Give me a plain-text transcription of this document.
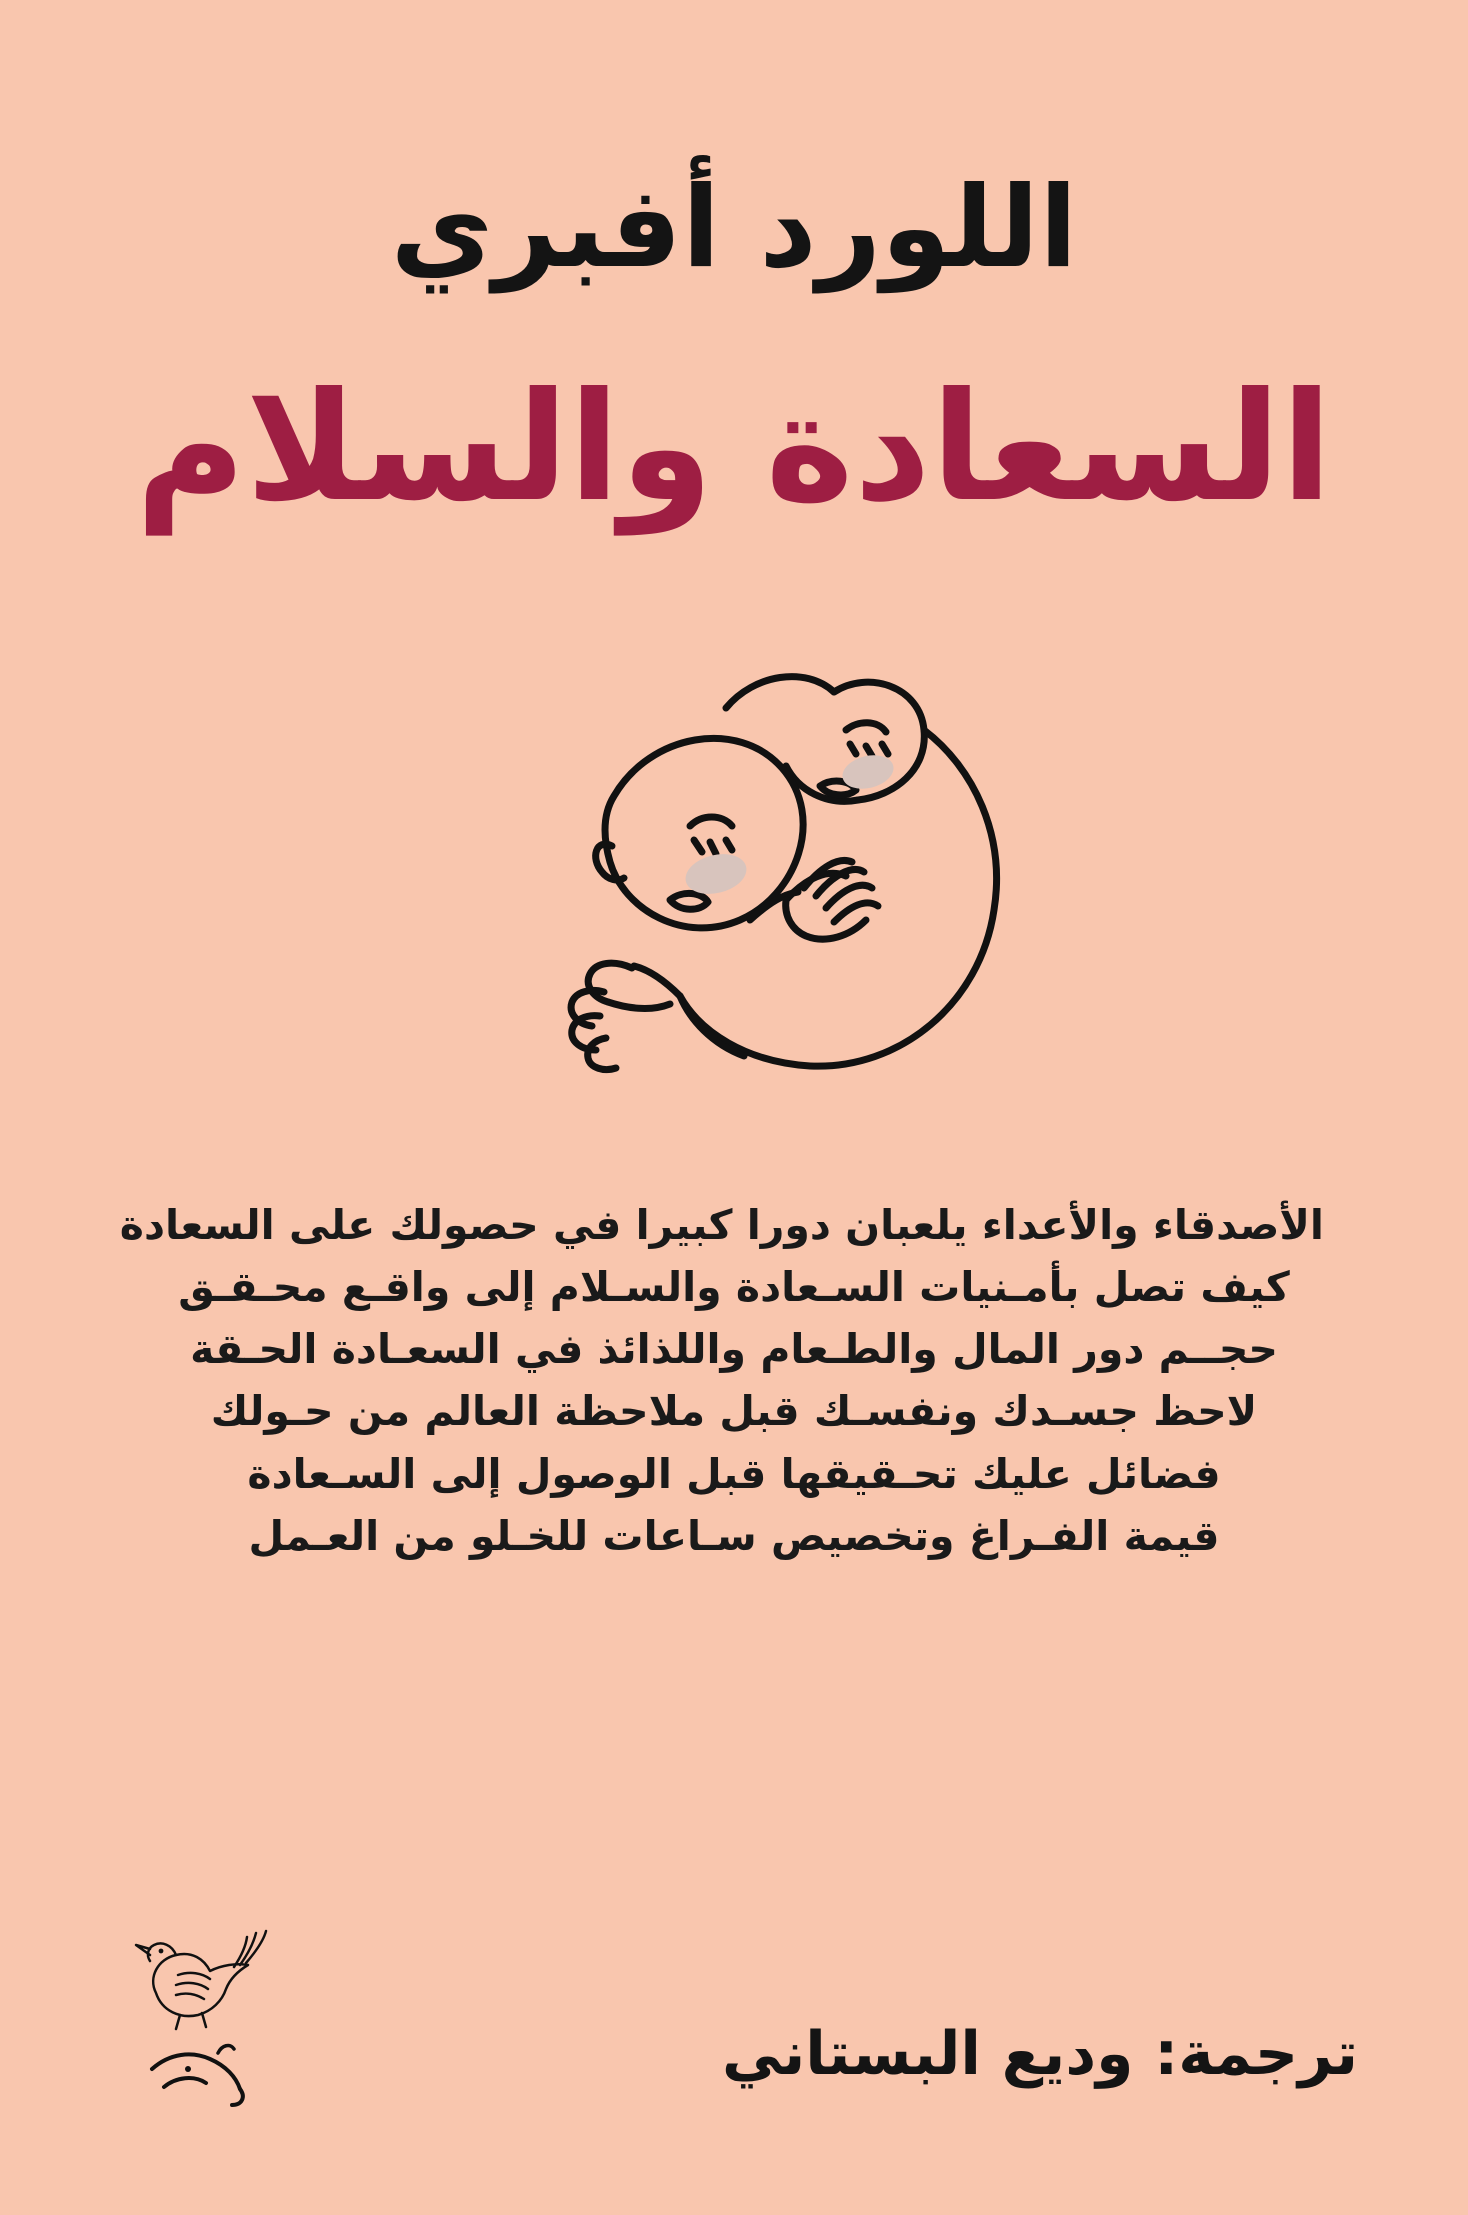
اللورد أفبري
السعادة والسلام
الأصدقاء والأعداء يلعبان دورا كبيرا في حصولك على السعادة
كيف تصل بأمـنيات السـعادة والسـلام إلى واقـع محـقـق
حجــم دور المال والطـعام واللذائذ في السعـادة الحـقة
لاحظ جسـدك ونفسـك قبل ملاحظة العالم من حـولك
فضائل عليك تحـقيقها قبل الوصول إلى السـعادة
قيمة الفـراغ وتخصيص سـاعات للخـلو من العـمل
ترجمة: وديع البستاني
